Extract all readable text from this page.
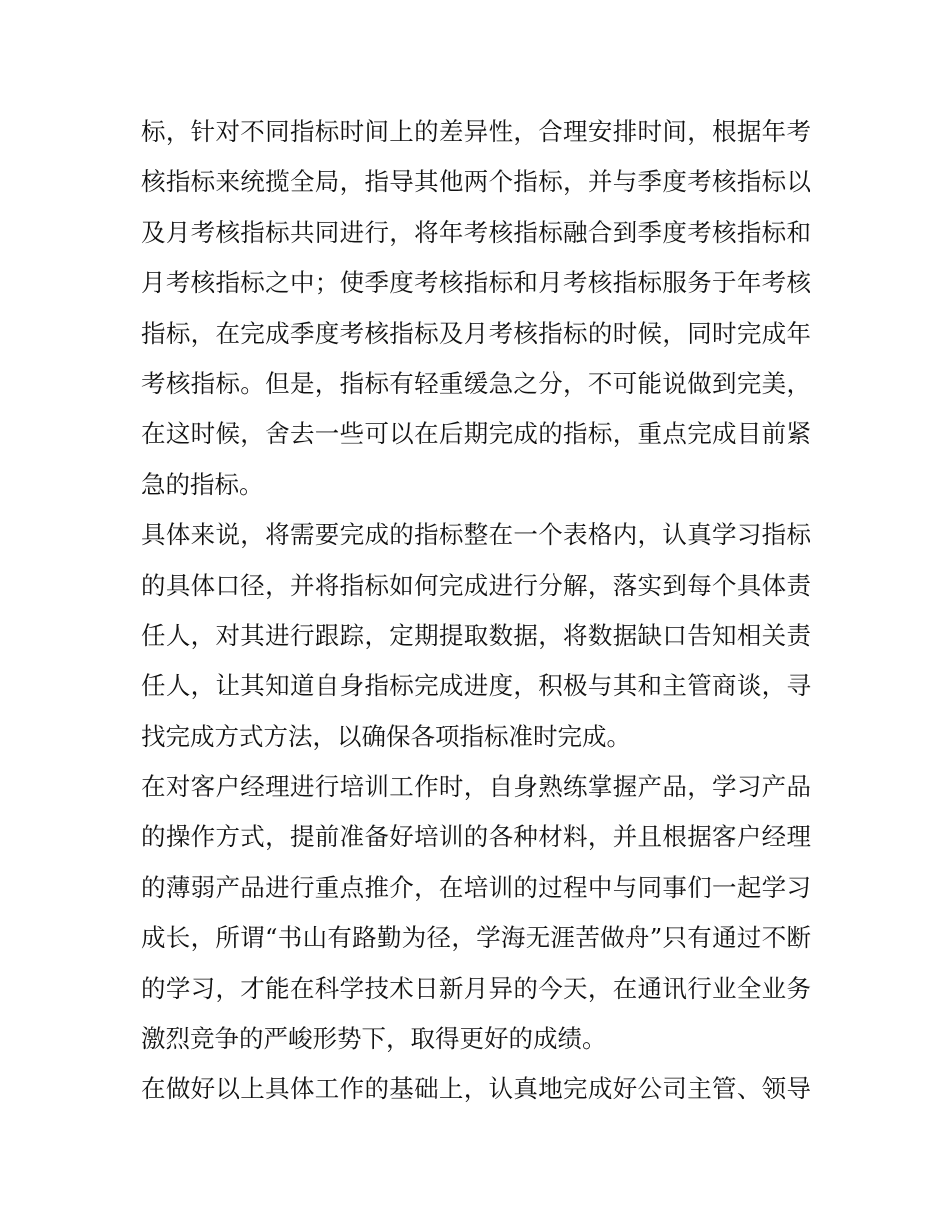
标，针对不同指标时间上的差异性，合理安排时间，根据年考
核指标来统揽全局，指导其他两个指标，并与季度考核指标以
及月考核指标共同进行，将年考核指标融合到季度考核指标和
月考核指标之中；使季度考核指标和月考核指标服务于年考核
指标，在完成季度考核指标及月考核指标的时候，同时完成年
考核指标。但是，指标有轻重缓急之分，不可能说做到完美，
在这时候，舍去一些可以在后期完成的指标，重点完成目前紧
急的指标。
具体来说，将需要完成的指标整在一个表格内，认真学习指标
的具体口径，并将指标如何完成进行分解，落实到每个具体责
任人，对其进行跟踪，定期提取数据，将数据缺口告知相关责
任人，让其知道自身指标完成进度，积极与其和主管商谈，寻
找完成方式方法，以确保各项指标准时完成。
在对客户经理进行培训工作时，自身熟练掌握产品，学习产品
的操作方式，提前准备好培训的各种材料，并且根据客户经理
的薄弱产品进行重点推介，在培训的过程中与同事们一起学习
成长，所谓“书山有路勤为径，学海无涯苦做舟”只有通过不断
的学习，才能在科学技术日新月异的今天，在通讯行业全业务
激烈竞争的严峻形势下，取得更好的成绩。
在做好以上具体工作的基础上，认真地完成好公司主管、领导
